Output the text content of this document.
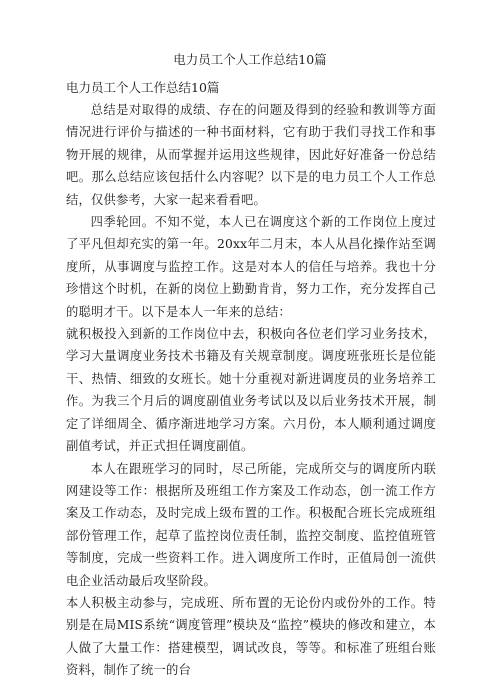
电力员工个人工作总结10篇
电力员工个人工作总结10篇

总结是对取得的成绩、存在的问题及得到的经验和教训等方面情况进行评价与描述的一种书面材料，它有助于我们寻找工作和事物开展的规律，从而掌握并运用这些规律，因此好好准备一份总结吧。那么总结应该包括什么内容呢？以下是的电力员工个人工作总结，仅供参考，大家一起来看看吧。

四季轮回。不知不觉，本人已在调度这个新的工作岗位上度过了平凡但却充实的第一年。20xx年二月末，本人从昌化操作站至调度所，从事调度与监控工作。这是对本人的信任与培养。我也十分珍惜这个时机，在新的岗位上勤勤肯肯，努力工作，充分发挥自己的聪明才干。以下是本人一年来的总结：

就积极投入到新的工作岗位中去，积极向各位老们学习业务技术，学习大量调度业务技术书籍及有关规章制度。调度班张班长是位能干、热情、细致的女班长。她十分重视对新进调度员的业务培养工作。为我三个月后的调度副值业务考试以及以后业务技术开展，制定了详细周全、循序渐进地学习方案。六月份，本人顺利通过调度副值考试，并正式担任调度副值。

本人在跟班学习的同时，尽己所能，完成所交与的调度所内联网建设等工作：根据所及班组工作方案及工作动态，创一流工作方案及工作动态，及时完成上级布置的工作。积极配合班长完成班组部份管理工作，起草了监控岗位责任制，监控交制度、监控值班管等制度，完成一些资料工作。进入调度所工作时，正值局创一流供电企业活动最后攻坚阶段。

本人积极主动参与，完成班、所布置的无论份内或份外的工作。特别是在局MIS系统“调度管理”模块及“监控”模块的修改和建立，本人做了大量工作：搭建模型，调试改良，等等。和标准了班组台账资料，制作了统一的台
